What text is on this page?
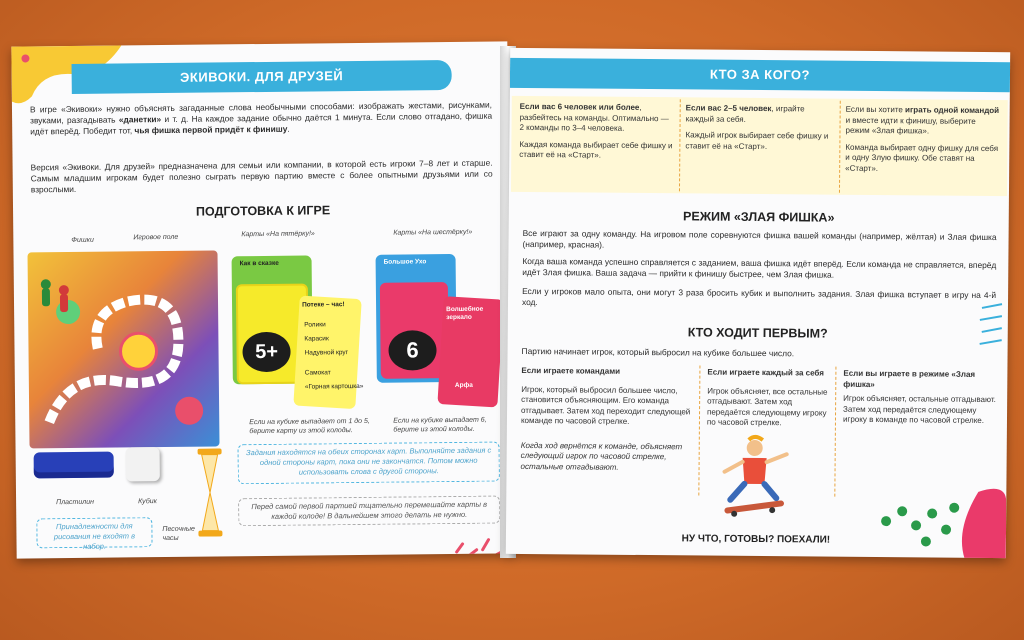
ЭКИВОКИ. ДЛЯ ДРУЗЕЙ
В игре «Экивоки» нужно объяснять загаданные слова необычными способами: изображать жестами, рисунками, звуками, разгадывать «данетки» и т. д. На каждое задание обычно даётся 1 минута. Если слово отгадано, фишка идёт вперёд. Победит тот, чья фишка первой придёт к финишу.
Версия «Экивоки. Для друзей» предназначена для семьи или компании, в которой есть игроки 7–8 лет и старше. Самым младшим игрокам будет полезно сыграть первую партию вместе с более опытными друзьями или со взрослыми.
ПОДГОТОВКА К ИГРЕ
Фишки	Игровое поле	Карты «На пятёрку!»	Карты «На шестёрку!»
Как в сказке
5+
Потеке – час!
Ролики
Карасик
Надувной круг
Самокат
«Горная картошка»
Большое Ухо
6
Волшебное зеркало
Арфа
Если на кубике выпадает от 1 до 5, берите карту из этой колоды.
Если на кубике выпадает 6, берите из этой колоды.
Пластилин	Кубик
Песочные часы
Принадлежности для рисования не входят в набор.
Задания находятся на обеих сторонах карт. Выполняйте задания с одной стороны карт, пока они не закончатся. Потом можно использовать слова с другой стороны.
Перед самой первой партией тщательно перемешайте карты в каждой колоде! В дальнейшем этого делать не нужно.
КТО ЗА КОГО?
Если вас 6 человек или более, разбейтесь на команды. Оптимально — 2 команды по 3–4 человека.
Каждая команда выбирает себе фишку и ставит её на «Старт».
Если вас 2–5 человек, играйте каждый за себя.
Каждый игрок выбирает себе фишку и ставит её на «Старт».
Если вы хотите играть одной командой и вместе идти к финишу, выберите режим «Злая фишка».
Команда выбирает одну фишку для себя и одну Злую фишку. Обе ставят на «Старт».
РЕЖИМ «ЗЛАЯ ФИШКА»
Все играют за одну команду. На игровом поле соревнуются фишка вашей команды (например, жёлтая) и Злая фишка (например, красная).
Когда ваша команда успешно справляется с заданием, ваша фишка идёт вперёд. Если команда не справляется, вперёд идёт Злая фишка. Ваша задача — прийти к финишу быстрее, чем Злая фишка.
Если у игроков мало опыта, они могут 3 раза бросить кубик и выполнить задания. Злая фишка вступает в игру на 4-й ход.
КТО ХОДИТ ПЕРВЫМ?
Партию начинает игрок, который выбросил на кубике большее число.
Если играете командами
Игрок, который выбросил большее число, становится объясняющим. Его команда отгадывает. Затем ход переходит следующей команде по часовой стрелке.
Когда ход вернётся к команде, объясняет следующий игрок по часовой стрелке, остальные отгадывают.
Если играете каждый за себя
Игрок объясняет, все остальные отгадывают. Затем ход передаётся следующему игроку по часовой стрелке.
Если вы играете в режиме «Злая фишка»
Игрок объясняет, остальные отгадывают. Затем ход передаётся следующему игроку в команде по часовой стрелке.
НУ ЧТО, ГОТОВЫ? ПОЕХАЛИ!
